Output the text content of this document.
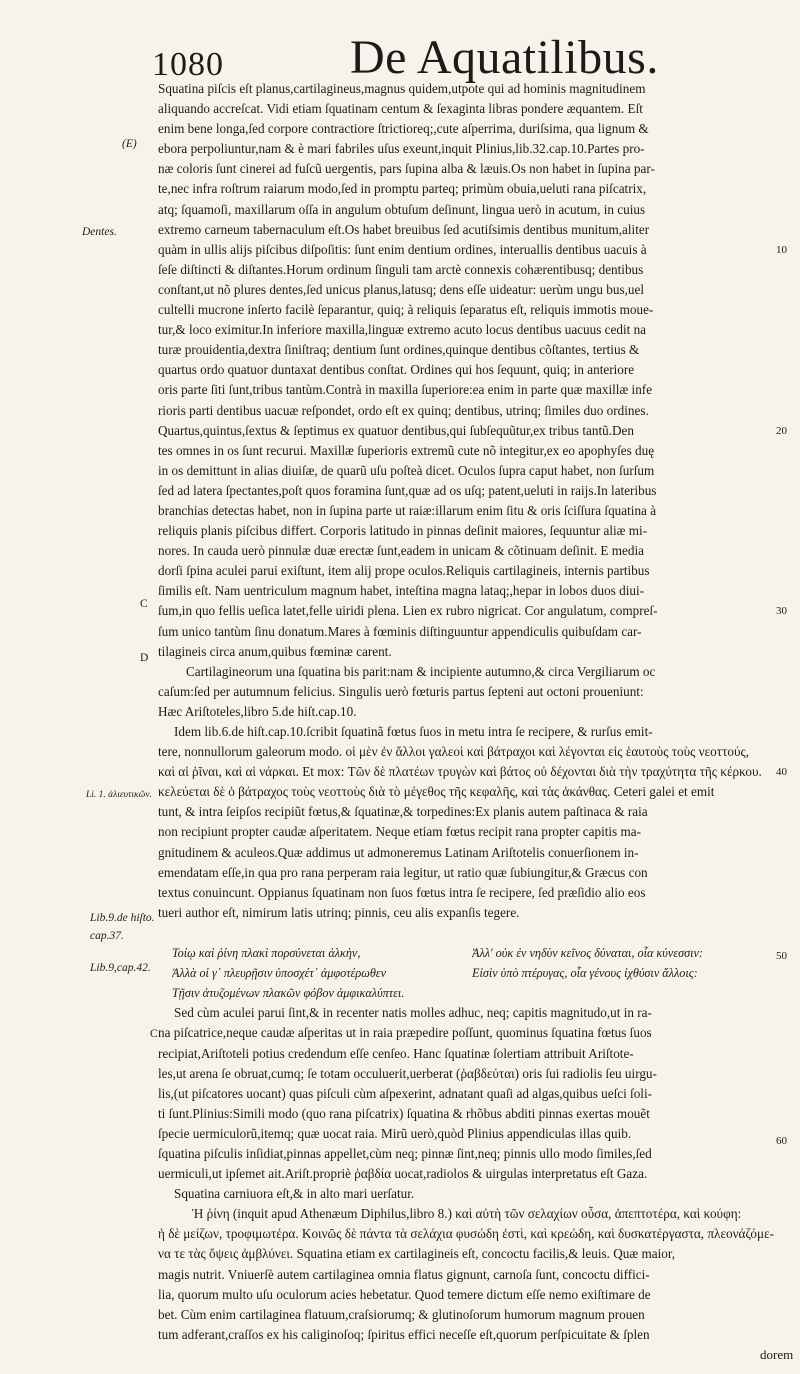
1080	De Aquatilibus.
Squatina piſcis eſt planus,cartilagineus,magnus quidem,utpote qui ad hominis magnitudinem
aliquando accreſcat. Vidi etiam ſquatinam centum & ſexaginta libras pondere æquantem. Eſt
enim bene longa,ſed corpore contractiore ſtrictioreq;,cute aſperrima, duriſsima, qua lignum &
ebora perpoliuntur,nam & è mari fabriles uſus exeunt,inquit Plinius,lib.32.cap.10.Partes pro-
næ coloris ſunt cinerei ad fuſcũ uergentis, pars ſupina alba & læuis.Os non habet in ſupina par-
te,nec infra roſtrum raiarum modo,ſed in promptu parteq; primùm obuia,ueluti rana piſcatrix,
atq; ſquamoſi, maxillarum oſſa in angulum obtuſum deſinunt, lingua uerò in acutum, in cuius
extremo carneum tabernaculum eſt.Os habet breuibus ſed acutiſsimis dentibus munitum,aliter
quàm in ullis alijs piſcibus diſpoſitis: ſunt enim dentium ordines, interuallis dentibus uacuis à
ſeſe diſtincti & diſtantes.Horum ordinum ſinguli tam arctè connexis cohærentibusq; dentibus
conſtant,ut nõ plures dentes,ſed unicus planus,latusq; dens eſſe uideatur: uerùm ungu bus,uel
cultelli mucrone inſerto facilè ſeparantur, quiq; à reliquis ſeparatus eſt, reliquis immotis moue-
tur,& loco eximitur.In inferiore maxilla,linguæ extremo acuto locus dentibus uacuus cedit na
turæ prouidentia,dextra ſiniſtraq; dentium ſunt ordines,quinque dentibus cõſtantes, tertius &
quartus ordo quatuor duntaxat dentibus conſtat. Ordines qui hos ſequunt, quiq; in anteriore
oris parte ſiti ſunt,tribus tantùm.Contrà in maxilla ſuperiore:ea enim in parte quæ maxillæ infe
rioris parti dentibus uacuæ reſpondet, ordo eſt ex quinq; dentibus, utrinq; ſimiles duo ordines.
Quartus,quintus,ſextus & ſeptimus ex quatuor dentibus,qui ſubſequũtur,ex tribus tantũ.Den
tes omnes in os ſunt recurui. Maxillæ ſuperioris extremũ cute nõ integitur,ex eo apophyſes duę
in os demittunt in alias diuiſæ, de quarũ uſu poſteà dicet. Oculos ſupra caput habet, non ſurſum
ſed ad latera ſpectantes,poſt quos foramina ſunt,quæ ad os uſq; patent,ueluti in raijs.In lateribus
branchias detectas habet, non in ſupina parte ut raiæ:illarum enim ſitu & oris ſciſſura ſquatina à
reliquis planis piſcibus differt. Corporis latitudo in pinnas deſinit maiores, ſequuntur aliæ mi-
nores. In cauda uerò pinnulæ duæ erectæ ſunt,eadem in unicam & cõtinuam deſinit. E media
dorſi ſpina aculei parui exiſtunt, item alij prope oculos.Reliquis cartilagineis, internis partibus
ſimilis eſt. Nam uentriculum magnum habet, inteſtina magna lataq;,hepar in lobos duos diui-
ſum,in quo fellis ueſica latet,felle uiridi plena. Lien ex rubro nigricat. Cor angulatum, compreſ-
ſum unico tantùm ſinu donatum.Mares à fœminis diſtinguuntur appendiculis quibuſdam car-
tilagineis circa anum,quibus fœminæ carent.
Cartilagineorum una ſquatina bis parit:nam & incipiente autumno,& circa Vergiliarum oc
caſum:ſed per autumnum felicius. Singulis uerò fœturis partus ſepteni aut octoni proueniunt:
Hæc Ariſtoteles,libro 5.de hiſt.cap.10.
Idem lib.6.de hiſt.cap.10.ſcribit ſquatinã fœtus ſuos in metu intra ſe recipere, & rurſus emit-
tere, nonnullorum galeorum modo. οἱ μὲν ἐν ἄλλοι γαλεοὶ καὶ βάτραχοι καὶ λέγονται εἰς ἑαυτοὺς τοὺς νεοττούς,
καὶ αἱ ῥῖναι, καὶ αἱ νάρκαι. Et mox: Τῶν δὲ πλατέων τρυγὼν καὶ βάτος οὐ δέχονται διὰ τὴν τραχύτητα τῆς κέρκου.
κελεύεται δὲ ὁ βάτραχος τοὺς νεοττοὺς διὰ τὸ μέγεθος τῆς κεφαλῆς, καὶ τὰς ἀκάνθας. Ceteri galei et emit
tunt, & intra ſeipſos recipiũt fœtus,& ſquatinæ,& torpedines:Ex planis autem paſtinaca & raia
non recipiunt propter caudæ aſperitatem. Neque etiam fœtus recipit rana propter capitis ma-
gnitudinem & aculeos.Quæ addimus ut admoneremus Latinam Ariſtotelis conuerſionem in-
emendatam eſſe,in qua pro rana perperam raia legitur, ut ratio quæ ſubiungitur,& Græcus con
textus conuincunt. Oppianus ſquatinam non ſuos fœtus intra ſe recipere, ſed præſidio alio eos
tueri author eſt, nimirum latis utrinq; pinnis, ceu alis expanſis tegere.
Τοίῳ καὶ ῥίνη πλακὶ πορσύνεται ἀλκὴν,	Ἀλλ' οὐκ ἐν νηδὺν κεῖνος δύναται, οἷα κύνεσσιν:
Ἀλλὰ οἱ γ᾽ πλευρῇσιν ὑποσχέτ᾽ ἀμφοτέρωθεν	Εἰσὶν ὑπὸ πτέρυγας, οἷα γένους ἰχθύσιν ἄλλοις:
Τῇσιν ἀτυζομένων πλακῶν φόβον ἀμφικαλύπτει.
Sed cùm aculei parui ſint,& in recenter natis molles adhuc, neq; capitis magnitudo,ut in ra-
na piſcatrice,neque caudæ aſperitas ut in raia præpedire poſſunt, quominus ſquatina fœtus ſuos
recipiat,Ariſtoteli potius credendum eſſe cenſeo. Hanc ſquatinæ ſolertiam attribuit Ariſtote-
les,ut arena ſe obruat,cumq; ſe totam occuluerit,uerberat (ῥαβδεύται) oris ſui radiolis ſeu uirgu-
lis,(ut piſcatores uocant) quas piſculi cùm aſpexerint, adnatant quaſi ad algas,quibus ueſci ſoli-
ti ſunt.Plinius:Simili modo (quo rana piſcatrix) ſquatina & rhõbus abditi pinnas exertas mouẽt
ſpecie uermiculorũ,itemq; quæ uocat raia. Mirũ uerò,quòd Plinius appendiculas illas quib.
ſquatina piſculis inſidiat,pinnas appellet,cùm neq; pinnæ ſint,neq; pinnis ullo modo ſimiles,ſed
uermiculi,ut ipſemet ait.Ariſt.propriè ῥαβδία uocat,radiolos & uirgulas interpretatus eſt Gaza.
Squatina carniuora eſt,& in alto mari uerſatur.
Ἡ ῥίνη (inquit apud Athenæum Diphilus,libro 8.) καὶ αὐτὴ τῶν σελαχίων οὖσα, ἀπεπτοτέρα, καὶ κούφη:
ἡ δὲ μείζων, τροφιμωτέρα. Κοινῶς δὲ πάντα τὰ σελάχια φυσώδη ἐστὶ, καὶ κρεώδη, καὶ δυσκατέργαστα, πλεονάζόμε-
να τε τὰς ὄψεις ἀμβλύνει. Squatina etiam ex cartilagineis eſt, concoctu facilis,& leuis. Quæ maior,
magis nutrit. Vniuerſè autem cartilaginea omnia flatus gignunt, carnoſa ſunt, concoctu diffici-
lia, quorum multo uſu oculorum acies hebetatur. Quod temere dictum eſſe nemo exiſtimare de
bet. Cùm enim cartilaginea flatuum,craſsiorumq; & glutinoſorum humorum magnum prouen
tum adferant,craſſos ex his caliginoſoq; ſpiritus effici neceſſe eſt,quorum perſpicuitate & ſplen
dorem
(E)
Dentes.
C
D
Li. 1. ἁλιευτικῶν.
Lib.9.de hiſto.
cap.37.
Lib.9,cap.42.
C
10
20
30
40
50
60
